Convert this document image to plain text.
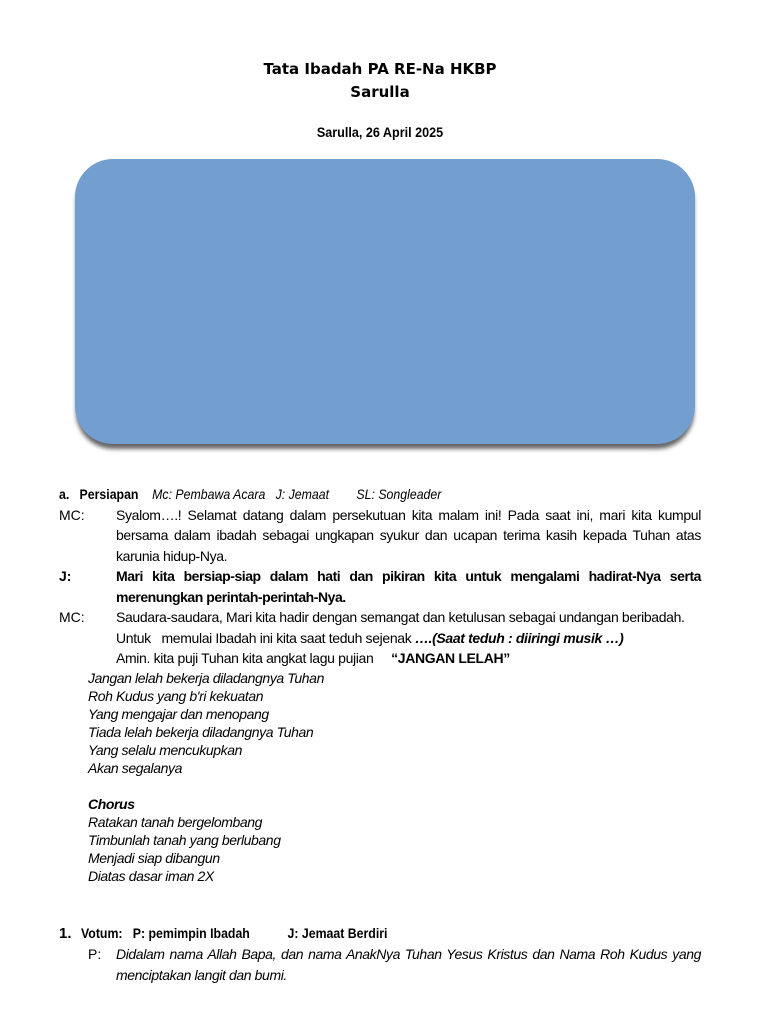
Tata Ibadah PA RE-Na HKBP
Sarulla
Sarulla, 26 April 2025
a. Persiapan Mc: Pembawa Acara   J: Jemaat        SL: Songleader
MC:	Syalom….! Selamat datang dalam persekutuan kita malam ini! Pada saat ini, mari kita kumpul bersama dalam ibadah sebagai ungkapan syukur dan ucapan terima kasih kepada Tuhan atas karunia hidup-Nya.
J:	Mari kita bersiap-siap dalam hati dan pikiran kita untuk mengalami hadirat-Nya serta merenungkan perintah-perintah-Nya.
MC:	Saudara-saudara, Mari kita hadir dengan semangat dan ketulusan sebagai undangan beribadah.
Untuk   memulai Ibadah ini kita saat teduh sejenak ….(Saat teduh : diiringi musik …)
Amin. kita puji Tuhan kita angkat lagu pujian     “JANGAN LELAH”
Jangan lelah bekerja diladangnya Tuhan
Roh Kudus yang b'ri kekuatan
Yang mengajar dan menopang
Tiada lelah bekerja diladangnya Tuhan
Yang selalu mencukupkan
Akan segalanya
Chorus
Ratakan tanah bergelombang
Timbunlah tanah yang berlubang
Menjadi siap dibangun
Diatas dasar iman 2X
1. Votum:   P: pemimpin Ibadah           J: Jemaat Berdiri
P:	Didalam nama Allah Bapa, dan nama AnakNya Tuhan Yesus Kristus dan Nama Roh Kudus yang menciptakan langit dan bumi.
